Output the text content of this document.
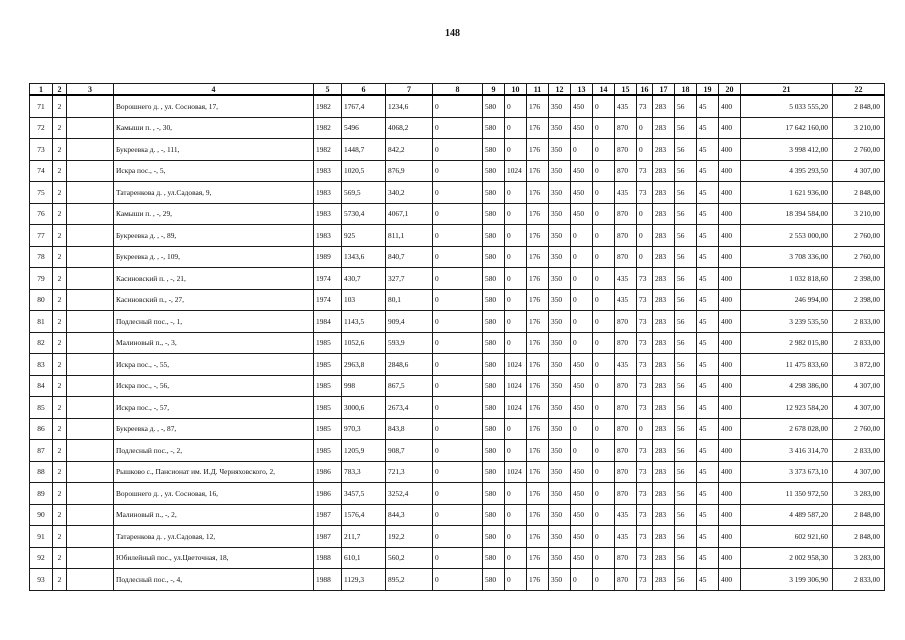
148
1	2	3	4	5	6	7	8	9	10	11	12	13	14	15	16	17	18	19	20	21	22
71	2		Ворошнего д. , ул. Сосновая, 17,	1982	1767,4	1234,6	0	580	0	176	350	450	0	435	73	283	56	45	400	5 033 555,20	2 848,00
72	2		Камыши п. , -, 30,	1982	5496	4068,2	0	580	0	176	350	450	0	870	0	283	56	45	400	17 642 160,00	3 210,00
73	2		Букреевка д. , -, 111,	1982	1448,7	842,2	0	580	0	176	350	0	0	870	0	283	56	45	400	3 998 412,00	2 760,00
74	2		Искра пос., -, 5,	1983	1020,5	876,9	0	580	1024	176	350	450	0	870	73	283	56	45	400	4 395 293,50	4 307,00
75	2		Татаренкова д. , ул.Садовая, 9,	1983	569,5	340,2	0	580	0	176	350	450	0	435	73	283	56	45	400	1 621 936,00	2 848,00
76	2		Камыши п. , -, 29,	1983	5730,4	4067,1	0	580	0	176	350	450	0	870	0	283	56	45	400	18 394 584,00	3 210,00
77	2		Букреевка д. , -, 89,	1983	925	811,1	0	580	0	176	350	0	0	870	0	283	56	45	400	2 553 000,00	2 760,00
78	2		Букреевка д. , -, 109,	1989	1343,6	840,7	0	580	0	176	350	0	0	870	0	283	56	45	400	3 708 336,00	2 760,00
79	2		Касиновский п. , -, 21,	1974	430,7	327,7	0	580	0	176	350	0	0	435	73	283	56	45	400	1 032 818,60	2 398,00
80	2		Касиновский п., -, 27,	1974	103	80,1	0	580	0	176	350	0	0	435	73	283	56	45	400	246 994,00	2 398,00
81	2		Подлесный пос., -, 1,	1984	1143,5	909,4	0	580	0	176	350	0	0	870	73	283	56	45	400	3 239 535,50	2 833,00
82	2		Малиновый п., -, 3,	1985	1052,6	593,9	0	580	0	176	350	0	0	870	73	283	56	45	400	2 982 015,80	2 833,00
83	2		Искра пос., -, 55,	1985	2963,8	2848,6	0	580	1024	176	350	450	0	435	73	283	56	45	400	11 475 833,60	3 872,00
84	2		Искра пос., -, 56,	1985	998	867,5	0	580	1024	176	350	450	0	870	73	283	56	45	400	4 298 386,00	4 307,00
85	2		Искра пос., -, 57,	1985	3000,6	2673,4	0	580	1024	176	350	450	0	870	73	283	56	45	400	12 923 584,20	4 307,00
86	2		Букреевка д. , -, 87,	1985	970,3	843,8	0	580	0	176	350	0	0	870	0	283	56	45	400	2 678 028,00	2 760,00
87	2		Подлесный пос., -, 2,	1985	1205,9	908,7	0	580	0	176	350	0	0	870	73	283	56	45	400	3 416 314,70	2 833,00
88	2		Рышково с., Пансионат им. И.Д. Черняховского, 2,	1986	783,3	721,3	0	580	1024	176	350	450	0	870	73	283	56	45	400	3 373 673,10	4 307,00
89	2		Ворошнего д. , ул. Сосновая, 16,	1986	3457,5	3252,4	0	580	0	176	350	450	0	870	73	283	56	45	400	11 350 972,50	3 283,00
90	2		Малиновый п., -, 2,	1987	1576,4	844,3	0	580	0	176	350	450	0	435	73	283	56	45	400	4 489 587,20	2 848,00
91	2		Татаренкова д. , ул.Садовая, 12,	1987	211,7	192,2	0	580	0	176	350	450	0	435	73	283	56	45	400	602 921,60	2 848,00
92	2		Юбилейный пос., ул.Цветочная, 18,	1988	610,1	560,2	0	580	0	176	350	450	0	870	73	283	56	45	400	2 002 958,30	3 283,00
93	2		Подлесный пос., -, 4,	1988	1129,3	895,2	0	580	0	176	350	0	0	870	73	283	56	45	400	3 199 306,90	2 833,00
